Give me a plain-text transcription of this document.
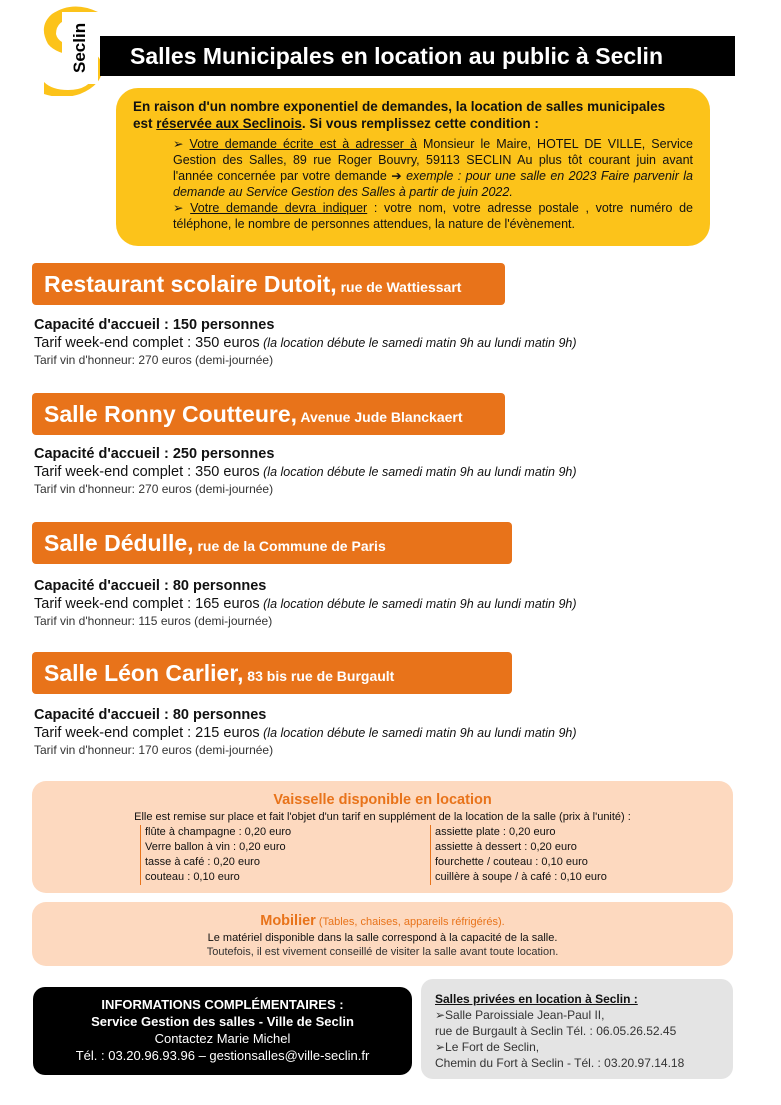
Seclin	Salles Municipales en location au public à Seclin
En raison d'un nombre exponentiel de demandes, la location de salles municipales
est réservée aux Seclinois. Si vous remplissez cette condition :

➢ Votre demande écrite est à adresser à Monsieur le Maire, HOTEL DE VILLE, Service Gestion des Salles, 89 rue Roger Bouvry, 59113 SECLIN Au plus tôt courant juin avant l'année concernée par votre demande ➔ exemple : pour une salle en 2023 Faire parvenir la demande au Service Gestion des Salles à partir de juin 2022.

➢ Votre demande devra indiquer : votre nom, votre adresse postale , votre numéro de téléphone, le nombre de personnes attendues, la nature de l'évènement.

Restaurant scolaire Dutoit, rue de Wattiessart
Capacité d'accueil : 150 personnes
Tarif week-end complet : 350 euros (la location débute le samedi matin 9h au lundi matin 9h)
Tarif vin d'honneur: 270 euros (demi-journée)
Salle Ronny Coutteure, Avenue Jude Blanckaert
Capacité d'accueil : 250 personnes
Tarif week-end complet : 350 euros (la location débute le samedi matin 9h au lundi matin 9h)
Tarif vin d'honneur: 270 euros (demi-journée)
Salle Dédulle, rue de la Commune de Paris
Capacité d'accueil : 80 personnes
Tarif week-end complet : 165 euros (la location débute le samedi matin 9h au lundi matin 9h)
Tarif vin d'honneur: 115 euros (demi-journée)
Salle Léon Carlier, 83 bis rue de Burgault
Capacité d'accueil : 80 personnes
Tarif week-end complet : 215 euros (la location débute le samedi matin 9h au lundi matin 9h)
Tarif vin d'honneur: 170 euros (demi-journée)
Vaisselle disponible en location
Elle est remise sur place et fait l'objet d'un tarif en supplément de la location de la salle (prix à l'unité) :
flûte à champagne : 0,20 euro
Verre ballon à vin : 0,20 euro
tasse à café : 0,20 euro
couteau : 0,10 euro
assiette plate : 0,20 euro
assiette à dessert : 0,20 euro
fourchette / couteau : 0,10 euro
cuillère à soupe / à café : 0,10 euro
Mobilier (Tables, chaises, appareils réfrigérés).
Le matériel disponible dans la salle correspond à la capacité de la salle.
Toutefois, il est vivement conseillé de visiter la salle avant toute location.
INFORMATIONS COMPLÉMENTAIRES :
Service Gestion des salles - Ville de Seclin
Contactez Marie Michel
Tél. : 03.20.96.93.96 – gestionsalles@ville-seclin.fr
Salles privées en location à Seclin :
➢Salle Paroissiale Jean-Paul II,
rue de Burgault à Seclin Tél. : 06.05.26.52.45
➢Le Fort de Seclin,
Chemin du Fort à Seclin - Tél. : 03.20.97.14.18
